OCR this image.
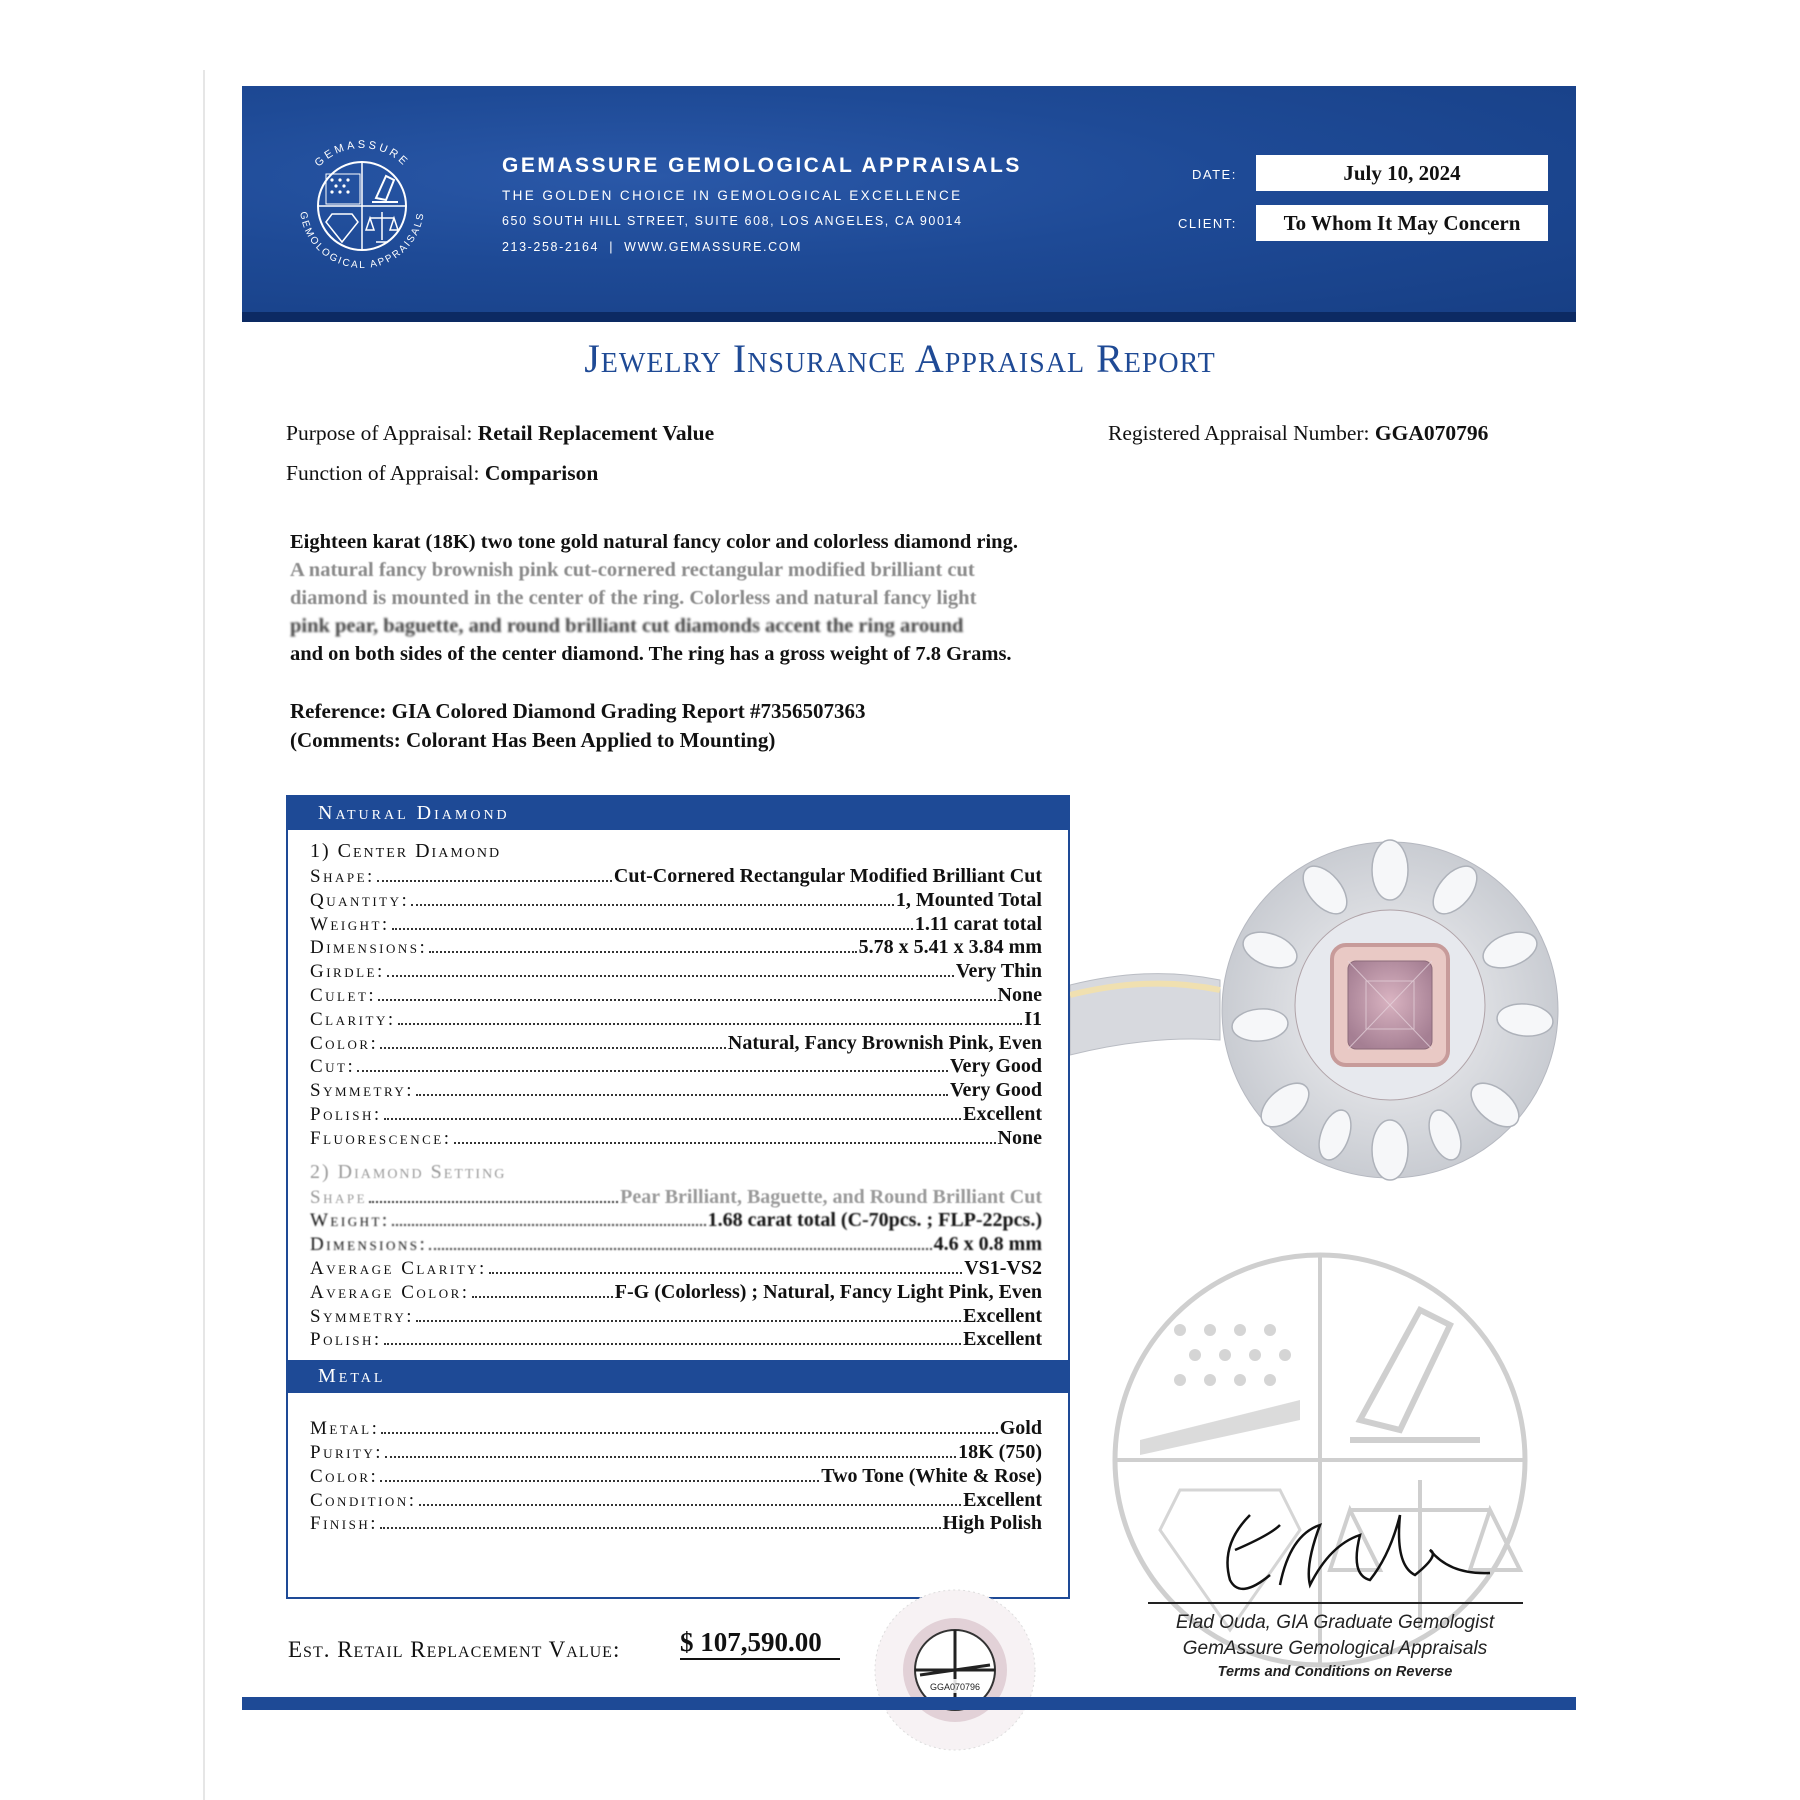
GEMASSURE
GEMOLOGICAL APPRAISALS
GEMASSURE GEMOLOGICAL APPRAISALS
THE GOLDEN CHOICE IN GEMOLOGICAL EXCELLENCE
650 SOUTH HILL STREET, SUITE 608, LOS ANGELES, CA 90014
213-258-2164  |  WWW.GEMASSURE.COM
DATE:	July 10, 2024
CLIENT:	To Whom It May Concern
Jewelry Insurance Appraisal Report
Purpose of Appraisal: Retail Replacement Value
Function of Appraisal: Comparison
Registered Appraisal Number: GGA070796
Eighteen karat (18K) two tone gold natural fancy color and colorless diamond ring.
A natural fancy brownish pink cut-cornered rectangular modified brilliant cut
diamond is mounted in the center of the ring. Colorless and natural fancy light
pink pear, baguette, and round brilliant cut diamonds accent the ring around
and on both sides of the center diamond. The ring has a gross weight of 7.8 Grams.
Reference: GIA Colored Diamond Grading Report #7356507363
(Comments: Colorant Has Been Applied to Mounting)
Natural Diamond
1) Center Diamond
Shape:	Cut-Cornered Rectangular Modified Brilliant Cut
Quantity:	1, Mounted Total
Weight:	1.11 carat total
Dimensions:	5.78 x 5.41 x 3.84 mm
Girdle:	Very Thin
Culet:	None
Clarity:	I1
Color:	Natural, Fancy Brownish Pink, Even
Cut:	Very Good
Symmetry:	Very Good
Polish:	Excellent
Fluorescence:	None
2) Diamond Setting
Shape	Pear Brilliant, Baguette, and Round Brilliant Cut
Weight:	1.68 carat total (C-70pcs. ; FLP-22pcs.)
Dimensions:	4.6 x 0.8 mm
Average Clarity:	VS1-VS2
Average Color:	F-G (Colorless) ; Natural, Fancy Light Pink, Even
Symmetry:	Excellent
Polish:	Excellent
Metal
Metal:	Gold
Purity:	18K (750)
Color:	Two Tone (White & Rose)
Condition:	Excellent
Finish:	High Polish
Elad Ouda, GIA Graduate Gemologist
GemAssure Gemological Appraisals
Terms and Conditions on Reverse
Est. Retail Replacement Value: $ 107,590.00
GGA070796
